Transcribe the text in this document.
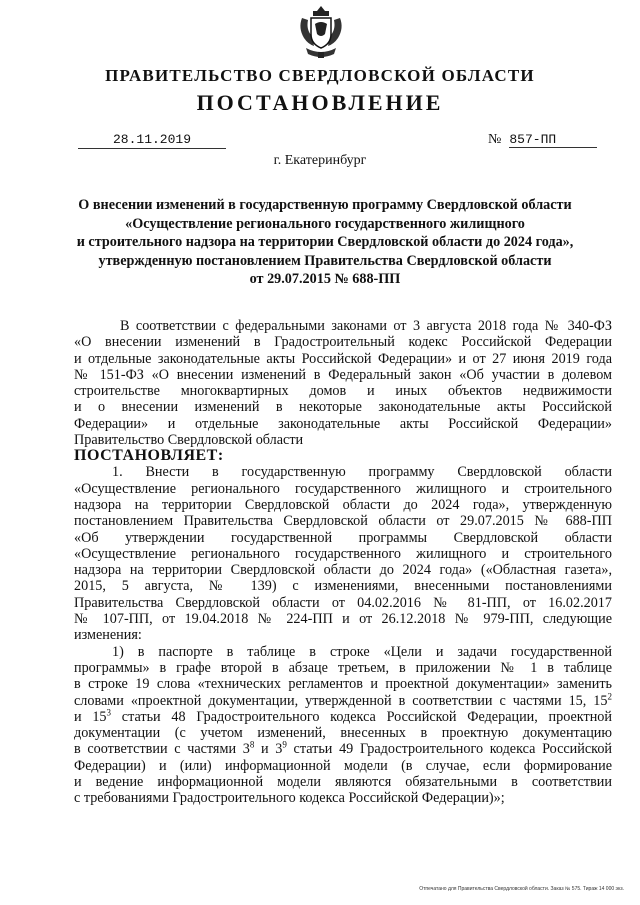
ПРАВИТЕЛЬСТВО СВЕРДЛОВСКОЙ ОБЛАСТИ
ПОСТАНОВЛЕНИЕ
28.11.2019	№ 857-ПП
г. Екатеринбург
О внесении изменений в государственную программу Свердловской области
«Осуществление регионального государственного жилищного
и строительного надзора на территории Свердловской области до 2024 года»,
утвержденную постановлением Правительства Свердловской области
от 29.07.2015 № 688-ПП
В соответствии с федеральными законами от 3 августа 2018 года № 340-ФЗ
«О внесении изменений в Градостроительный кодекс Российской Федерации
и отдельные законодательные акты Российской Федерации» и от 27 июня 2019 года
№ 151-ФЗ «О внесении изменений в Федеральный закон «Об участии в долевом
строительстве многоквартирных домов и иных объектов недвижимости
и о внесении изменений в некоторые законодательные акты Российской
Федерации» и отдельные законодательные акты Российской Федерации»
Правительство Свердловской области
ПОСТАНОВЛЯЕТ:
1. Внести в государственную программу Свердловской области
«Осуществление регионального государственного жилищного и строительного
надзора на территории Свердловской области до 2024 года», утвержденную
постановлением Правительства Свердловской области от 29.07.2015 № 688-ПП
«Об утверждении государственной программы Свердловской области
«Осуществление регионального государственного жилищного и строительного
надзора на территории Свердловской области до 2024 года» («Областная газета»,
2015, 5 августа, № 139) с изменениями, внесенными постановлениями
Правительства Свердловской области от 04.02.2016 № 81-ПП, от 16.02.2017
№ 107-ПП, от 19.04.2018 № 224-ПП и от 26.12.2018 № 979-ПП, следующие
изменения:
1) в паспорте в таблице в строке «Цели и задачи государственной
программы» в графе второй в абзаце третьем, в приложении № 1 в таблице
в строке 19 слова «технических регламентов и проектной документации» заменить
словами «проектной документации, утвержденной в соответствии с частями 15, $15^2$
и $15^3$ статьи 48 Градостроительного кодекса Российской Федерации, проектной
документации (с учетом изменений, внесенных в проектную документацию
в соответствии с частями $3^8$ и $3^9$ статьи 49 Градостроительного кодекса Российской
Федерации) и (или) информационной модели (в случае, если формирование
и ведение информационной модели являются обязательными в соответствии
с требованиями Градостроительного кодекса Российской Федерации)»;
Отпечатано для Правительства Свердловской области. Заказ № 575. Тираж 14 000 экз.
